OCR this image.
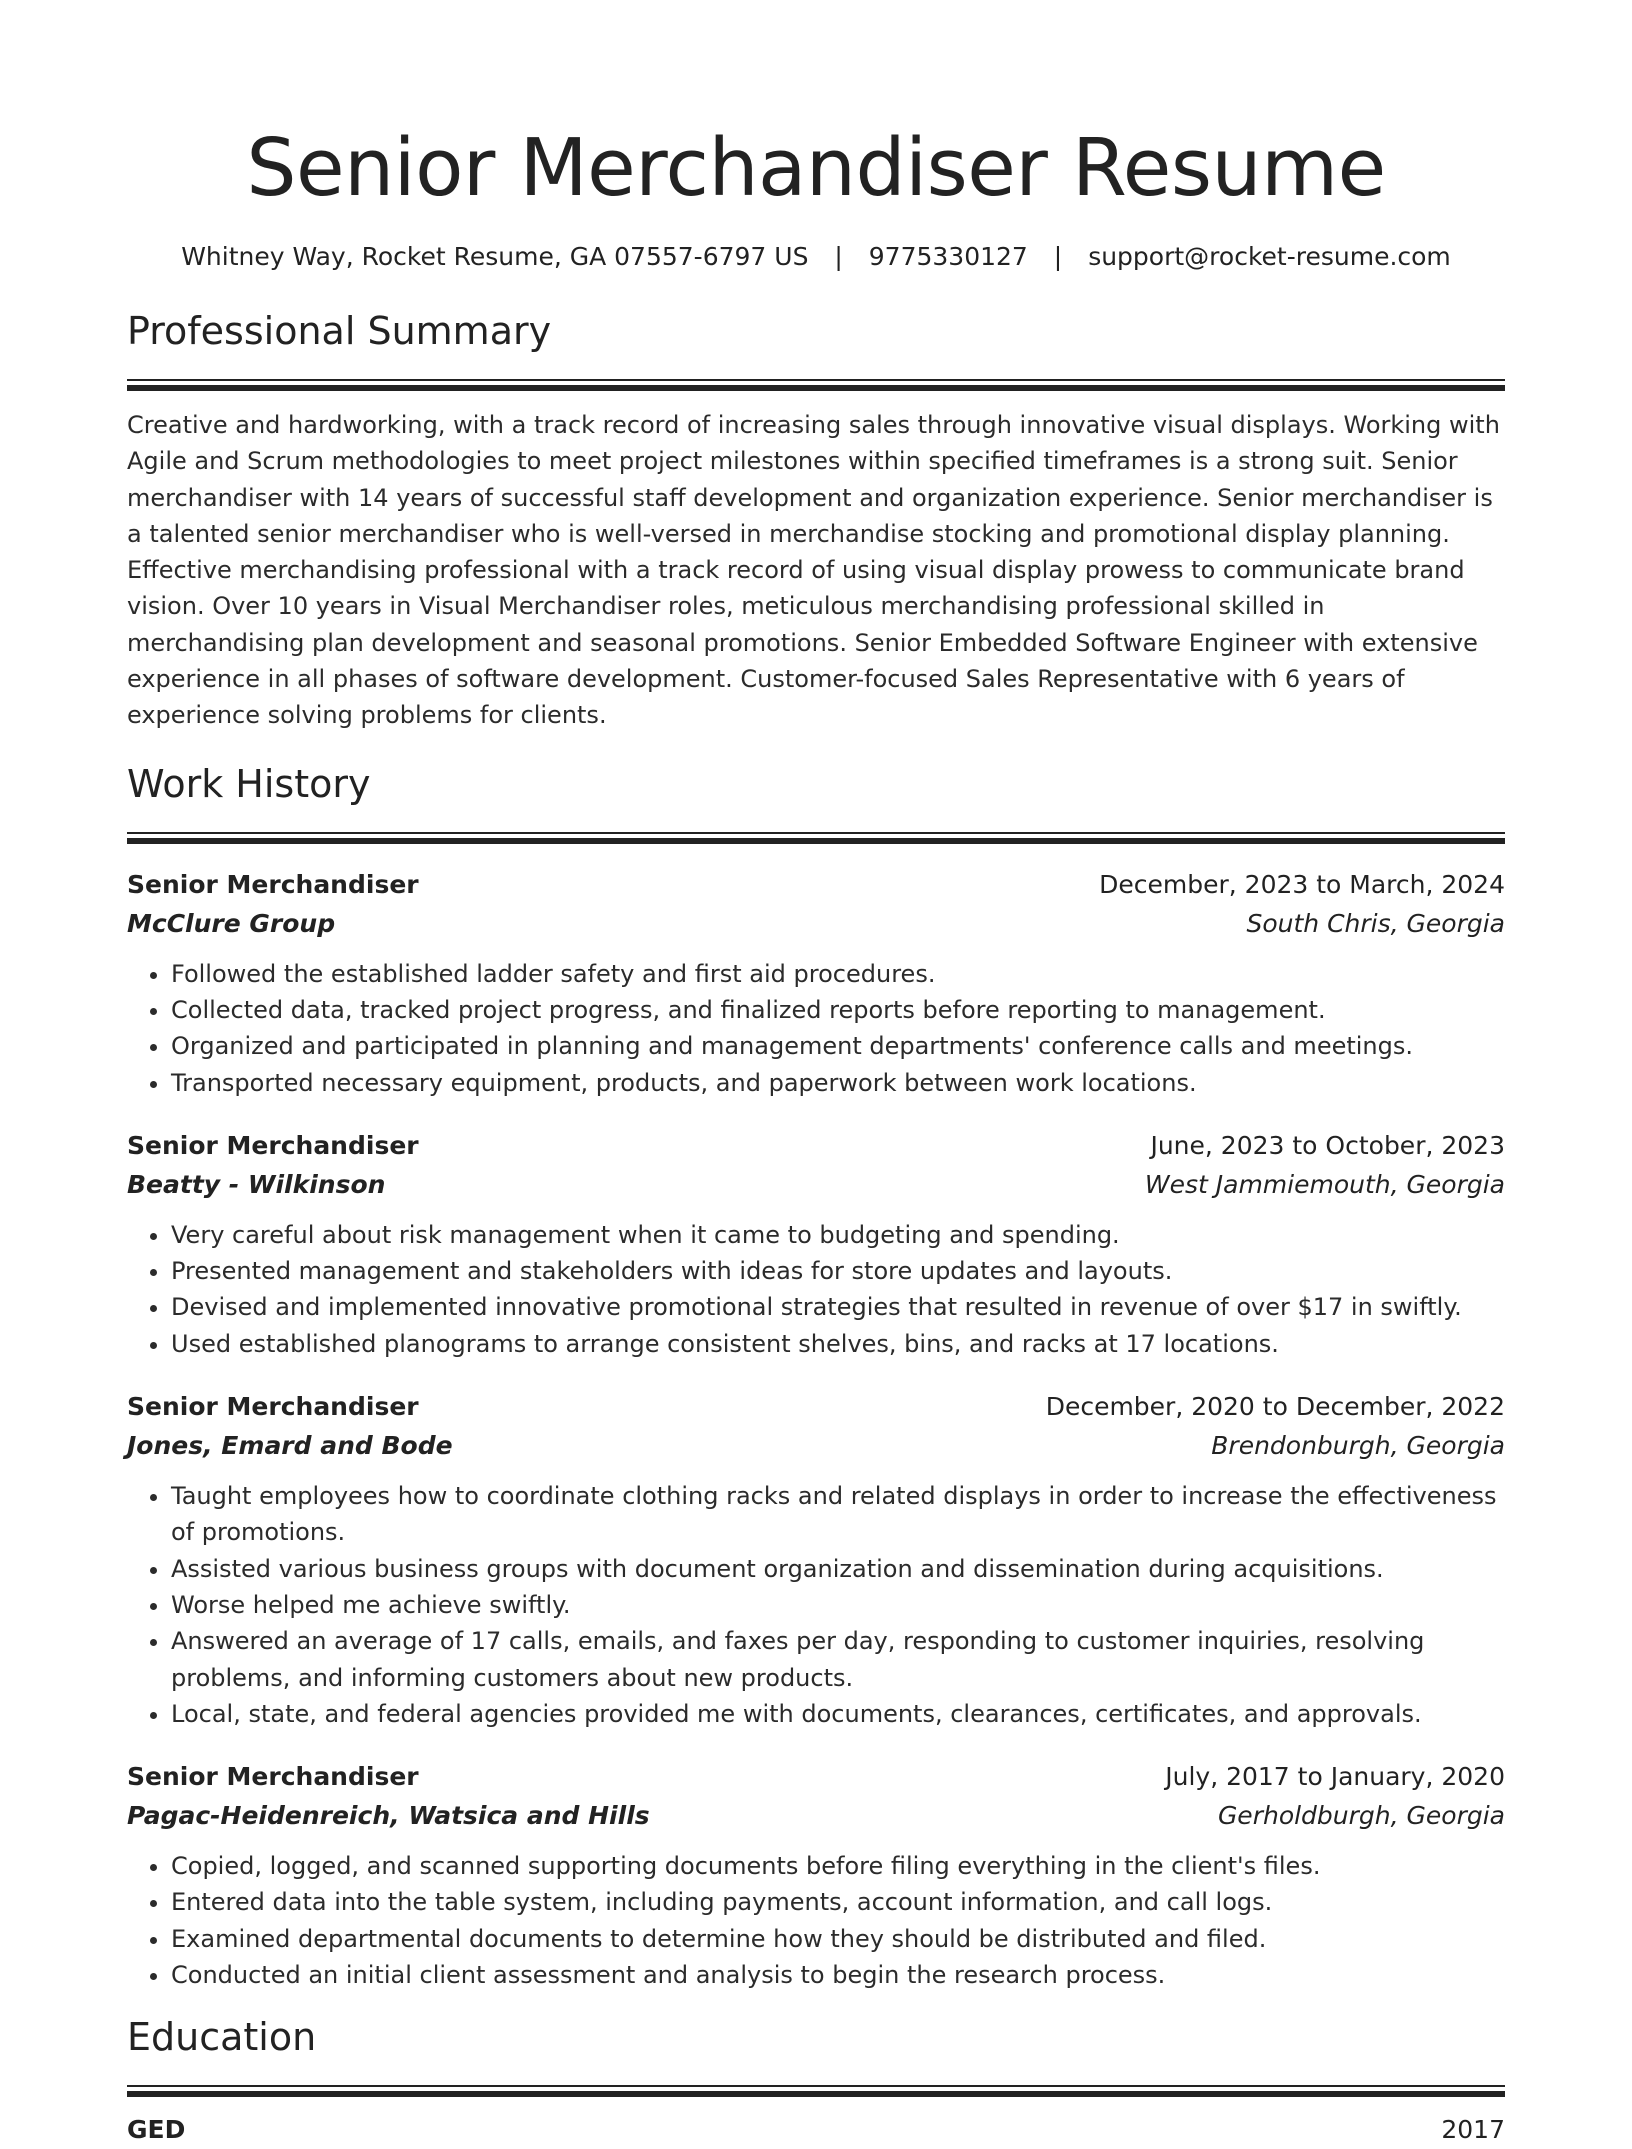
Senior Merchandiser Resume
Whitney Way, Rocket Resume, GA 07557-6797 US | 9775330127 | support@rocket-resume.com
Professional Summary

Creative and hardworking, with a track record of increasing sales through innovative visual displays. Working with Agile and Scrum methodologies to meet project milestones within specified timeframes is a strong suit. Senior merchandiser with 14 years of successful staff development and organization experience. Senior merchandiser is a talented senior merchandiser who is well-versed in merchandise stocking and promotional display planning. Effective merchandising professional with a track record of using visual display prowess to communicate brand vision. Over 10 years in Visual Merchandiser roles, meticulous merchandising professional skilled in merchandising plan development and seasonal promotions. Senior Embedded Software Engineer with extensive experience in all phases of software development. Customer-focused Sales Representative with 6 years of experience solving problems for clients.

Work History
Senior Merchandiser	December, 2023 to March, 2024
McClure Group	South Chris, Georgia
• Followed the established ladder safety and first aid procedures.
• Collected data, tracked project progress, and finalized reports before reporting to management.
• Organized and participated in planning and management departments' conference calls and meetings.
• Transported necessary equipment, products, and paperwork between work locations.
Senior Merchandiser	June, 2023 to October, 2023
Beatty - Wilkinson	West Jammiemouth, Georgia
• Very careful about risk management when it came to budgeting and spending.
• Presented management and stakeholders with ideas for store updates and layouts.
• Devised and implemented innovative promotional strategies that resulted in revenue of over $17 in swiftly.
• Used established planograms to arrange consistent shelves, bins, and racks at 17 locations.
Senior Merchandiser	December, 2020 to December, 2022
Jones, Emard and Bode	Brendonburgh, Georgia
• Taught employees how to coordinate clothing racks and related displays in order to increase the effectiveness of promotions.
• Assisted various business groups with document organization and dissemination during acquisitions.
• Worse helped me achieve swiftly.
• Answered an average of 17 calls, emails, and faxes per day, responding to customer inquiries, resolving problems, and informing customers about new products.
• Local, state, and federal agencies provided me with documents, clearances, certificates, and approvals.
Senior Merchandiser	July, 2017 to January, 2020
Pagac-Heidenreich, Watsica and Hills	Gerholdburgh, Georgia
• Copied, logged, and scanned supporting documents before filing everything in the client's files.
• Entered data into the table system, including payments, account information, and call logs.
• Examined departmental documents to determine how they should be distributed and filed.
• Conducted an initial client assessment and analysis to begin the research process.
Education
GED	2017
